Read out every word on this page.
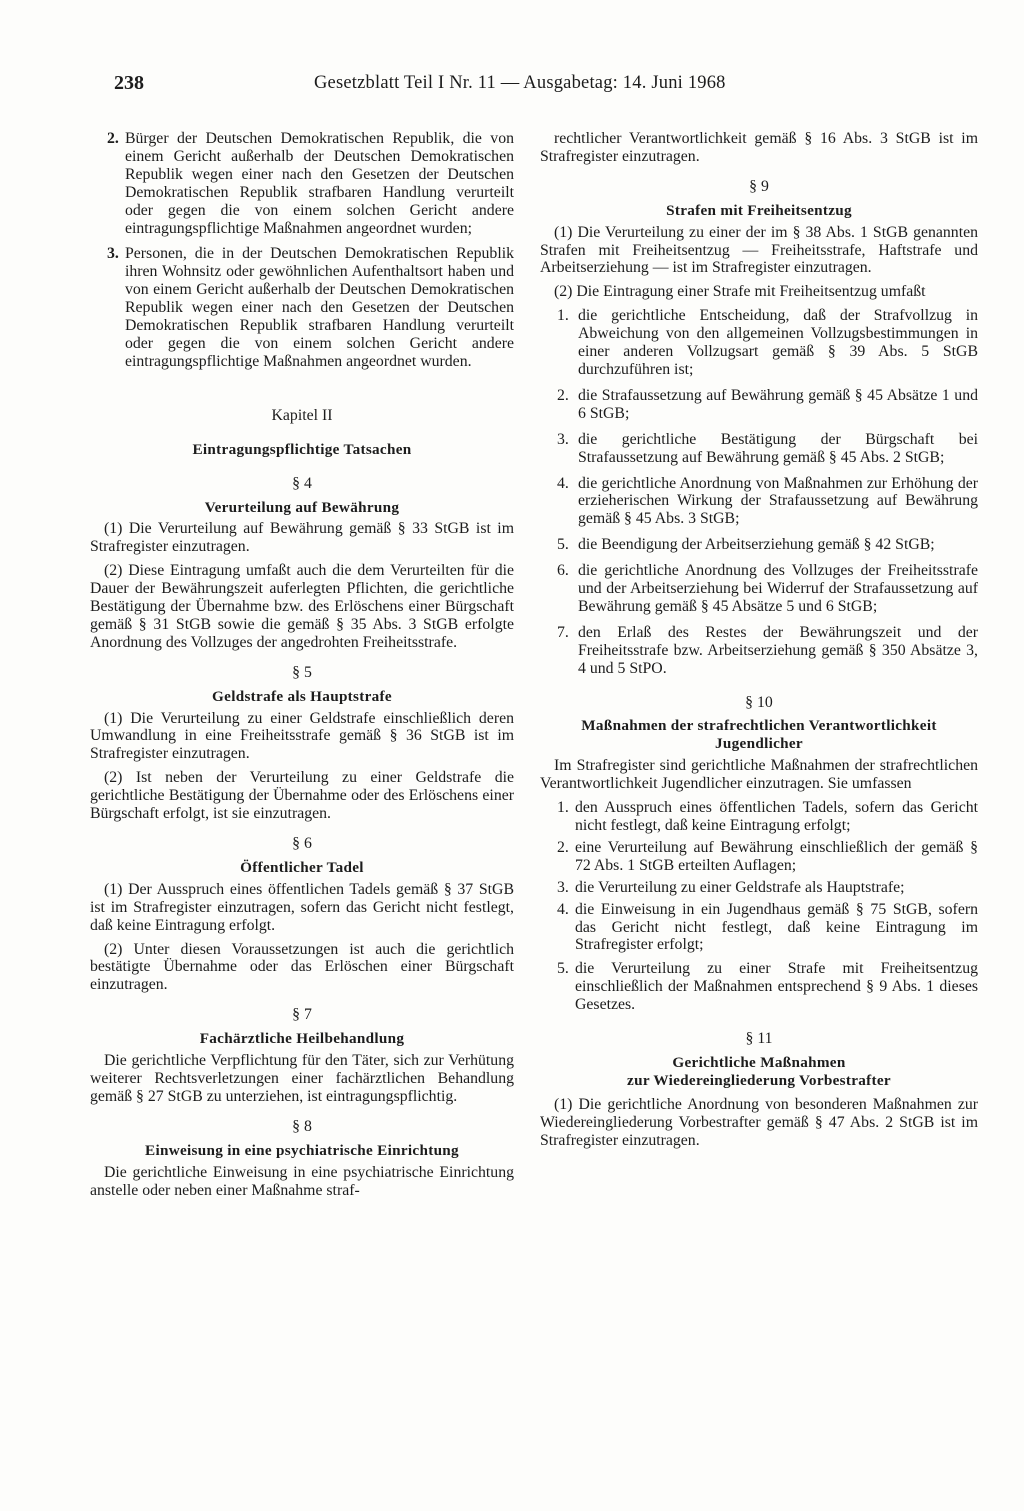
238	Gesetzblatt Teil I Nr. 11 — Ausgabetag: 14. Juni 1968
2. Bürger der Deutschen Demokratischen Republik, die von einem Gericht außerhalb der Deutschen Demokratischen Republik wegen einer nach den Gesetzen der Deutschen Demokratischen Republik strafbaren Handlung verurteilt oder gegen die von einem solchen Gericht andere eintragungspflichtige Maßnahmen angeordnet wurden;
3. Personen, die in der Deutschen Demokratischen Republik ihren Wohnsitz oder gewöhnlichen Aufenthaltsort haben und von einem Gericht außerhalb der Deutschen Demokratischen Republik wegen einer nach den Gesetzen der Deutschen Demokratischen Republik strafbaren Handlung verurteilt oder gegen die von einem solchen Gericht andere eintragungspflichtige Maßnahmen angeordnet wurden.
Kapitel II
Eintragungspflichtige Tatsachen
§ 4
Verurteilung auf Bewährung

(1) Die Verurteilung auf Bewährung gemäß § 33 StGB ist im Strafregister einzutragen.

(2) Diese Eintragung umfaßt auch die dem Verurteilten für die Dauer der Bewährungszeit auferlegten Pflichten, die gerichtliche Bestätigung der Übernahme bzw. des Erlöschens einer Bürgschaft gemäß § 31 StGB sowie die gemäß § 35 Abs. 3 StGB erfolgte Anordnung des Vollzuges der angedrohten Freiheitsstrafe.

§ 5
Geldstrafe als Hauptstrafe

(1) Die Verurteilung zu einer Geldstrafe einschließlich deren Umwandlung in eine Freiheitsstrafe gemäß § 36 StGB ist im Strafregister einzutragen.

(2) Ist neben der Verurteilung zu einer Geldstrafe die gerichtliche Bestätigung der Übernahme oder des Erlöschens einer Bürgschaft erfolgt, ist sie einzutragen.

§ 6
Öffentlicher Tadel

(1) Der Ausspruch eines öffentlichen Tadels gemäß § 37 StGB ist im Strafregister einzutragen, sofern das Gericht nicht festlegt, daß keine Eintragung erfolgt.

(2) Unter diesen Voraussetzungen ist auch die gerichtlich bestätigte Übernahme oder das Erlöschen einer Bürgschaft einzutragen.

§ 7
Fachärztliche Heilbehandlung

Die gerichtliche Verpflichtung für den Täter, sich zur Verhütung weiterer Rechtsverletzungen einer fachärztlichen Behandlung gemäß § 27 StGB zu unterziehen, ist eintragungspflichtig.

§ 8
Einweisung in eine psychiatrische Einrichtung

Die gerichtliche Einweisung in eine psychiatrische Einrichtung anstelle oder neben einer Maßnahme straf-

rechtlicher Verantwortlichkeit gemäß § 16 Abs. 3 StGB ist im Strafregister einzutragen.

§ 9
Strafen mit Freiheitsentzug

(1) Die Verurteilung zu einer der im § 38 Abs. 1 StGB genannten Strafen mit Freiheitsentzug — Freiheitsstrafe, Haftstrafe und Arbeitserziehung — ist im Strafregister einzutragen.

(2) Die Eintragung einer Strafe mit Freiheitsentzug umfaßt

1. die gerichtliche Entscheidung, daß der Strafvollzug in Abweichung von den allgemeinen Vollzugsbestimmungen in einer anderen Vollzugsart gemäß § 39 Abs. 5 StGB durchzuführen ist;
2. die Strafaussetzung auf Bewährung gemäß § 45 Absätze 1 und 6 StGB;
3. die gerichtliche Bestätigung der Bürgschaft bei Strafaussetzung auf Bewährung gemäß § 45 Abs. 2 StGB;
4. die gerichtliche Anordnung von Maßnahmen zur Erhöhung der erzieherischen Wirkung der Strafaussetzung auf Bewährung gemäß § 45 Abs. 3 StGB;
5. die Beendigung der Arbeitserziehung gemäß § 42 StGB;
6. die gerichtliche Anordnung des Vollzuges der Freiheitsstrafe und der Arbeitserziehung bei Widerruf der Strafaussetzung auf Bewährung gemäß § 45 Absätze 5 und 6 StGB;
7. den Erlaß des Restes der Bewährungszeit und der Freiheitsstrafe bzw. Arbeitserziehung gemäß § 350 Absätze 3, 4 und 5 StPO.
§ 10
Maßnahmen der strafrechtlichen Verantwortlichkeit
Jugendlicher

Im Strafregister sind gerichtliche Maßnahmen der strafrechtlichen Verantwortlichkeit Jugendlicher einzutragen. Sie umfassen

1. den Ausspruch eines öffentlichen Tadels, sofern das Gericht nicht festlegt, daß keine Eintragung erfolgt;
2. eine Verurteilung auf Bewährung einschließlich der gemäß § 72 Abs. 1 StGB erteilten Auflagen;
3. die Verurteilung zu einer Geldstrafe als Hauptstrafe;
4. die Einweisung in ein Jugendhaus gemäß § 75 StGB, sofern das Gericht nicht festlegt, daß keine Eintragung im Strafregister erfolgt;
5. die Verurteilung zu einer Strafe mit Freiheitsentzug einschließlich der Maßnahmen entsprechend § 9 Abs. 1 dieses Gesetzes.
§ 11
Gerichtliche Maßnahmen
zur Wiedereingliederung Vorbestrafter

(1) Die gerichtliche Anordnung von besonderen Maßnahmen zur Wiedereingliederung Vorbestrafter gemäß § 47 Abs. 2 StGB ist im Strafregister einzutragen.
